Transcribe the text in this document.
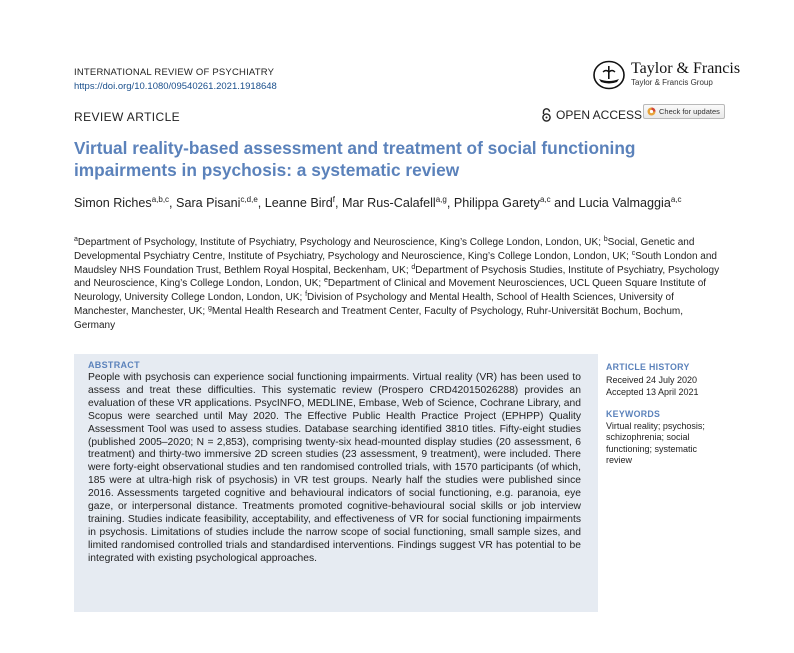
INTERNATIONAL REVIEW OF PSYCHIATRY
https://doi.org/10.1080/09540261.2021.1918648
Taylor & Francis
Taylor & Francis Group
REVIEW ARTICLE	OPEN ACCESS Check for updates
Virtual reality-based assessment and treatment of social functioning impairments in psychosis: a systematic review
Simon Riches$^{a,b,c}$, Sara Pisani$^{c,d,e}$, Leanne Bird$^f$, Mar Rus-Calafell$^{a,g}$, Philippa Garety$^{a,c}$ and Lucia Valmaggia$^{a,c}$
$^a$Department of Psychology, Institute of Psychiatry, Psychology and Neuroscience, King’s College London, London, UK; $^b$Social, Genetic and Developmental Psychiatry Centre, Institute of Psychiatry, Psychology and Neuroscience, King’s College London, London, UK; $^c$South London and Maudsley NHS Foundation Trust, Bethlem Royal Hospital, Beckenham, UK; $^d$Department of Psychosis Studies, Institute of Psychiatry, Psychology and Neuroscience, King’s College London, London, UK; $^e$Department of Clinical and Movement Neurosciences, UCL Queen Square Institute of Neurology, University College London, London, UK; $^f$Division of Psychology and Mental Health, School of Health Sciences, University of Manchester, Manchester, UK; $^g$Mental Health Research and Treatment Center, Faculty of Psychology, Ruhr-Universität Bochum, Bochum, Germany
ABSTRACT
People with psychosis can experience social functioning impairments. Virtual reality (VR) has been used to assess and treat these difficulties. This systematic review (Prospero CRD42015026288) provides an evaluation of these VR applications. PsycINFO, MEDLINE, Embase, Web of Science, Cochrane Library, and Scopus were searched until May 2020. The Effective Public Health Practice Project (EPHPP) Quality Assessment Tool was used to assess studies. Database searching identified 3810 titles. Fifty-eight studies (published 2005–2020; N = 2,853), comprising twenty-six head-mounted display studies (20 assessment, 6 treatment) and thirty-two immersive 2D screen studies (23 assessment, 9 treatment), were included. There were forty-eight observational studies and ten randomised controlled trials, with 1570 participants (of which, 185 were at ultra-high risk of psychosis) in VR test groups. Nearly half the studies were published since 2016. Assessments targeted cognitive and behavioural indicators of social functioning, e.g. paranoia, eye gaze, or interpersonal distance. Treatments promoted cognitive-behavioural social skills or job interview training. Studies indicate feasibility, acceptability, and effectiveness of VR for social functioning impairments in psychosis. Limitations of studies include the narrow scope of social functioning, small sample sizes, and limited randomised controlled trials and standardised interventions. Findings suggest VR has potential to be integrated with existing psychological approaches.
ARTICLE HISTORY
Received 24 July 2020
Accepted 13 April 2021
KEYWORDS
Virtual reality; psychosis; schizophrenia; social functioning; systematic review
